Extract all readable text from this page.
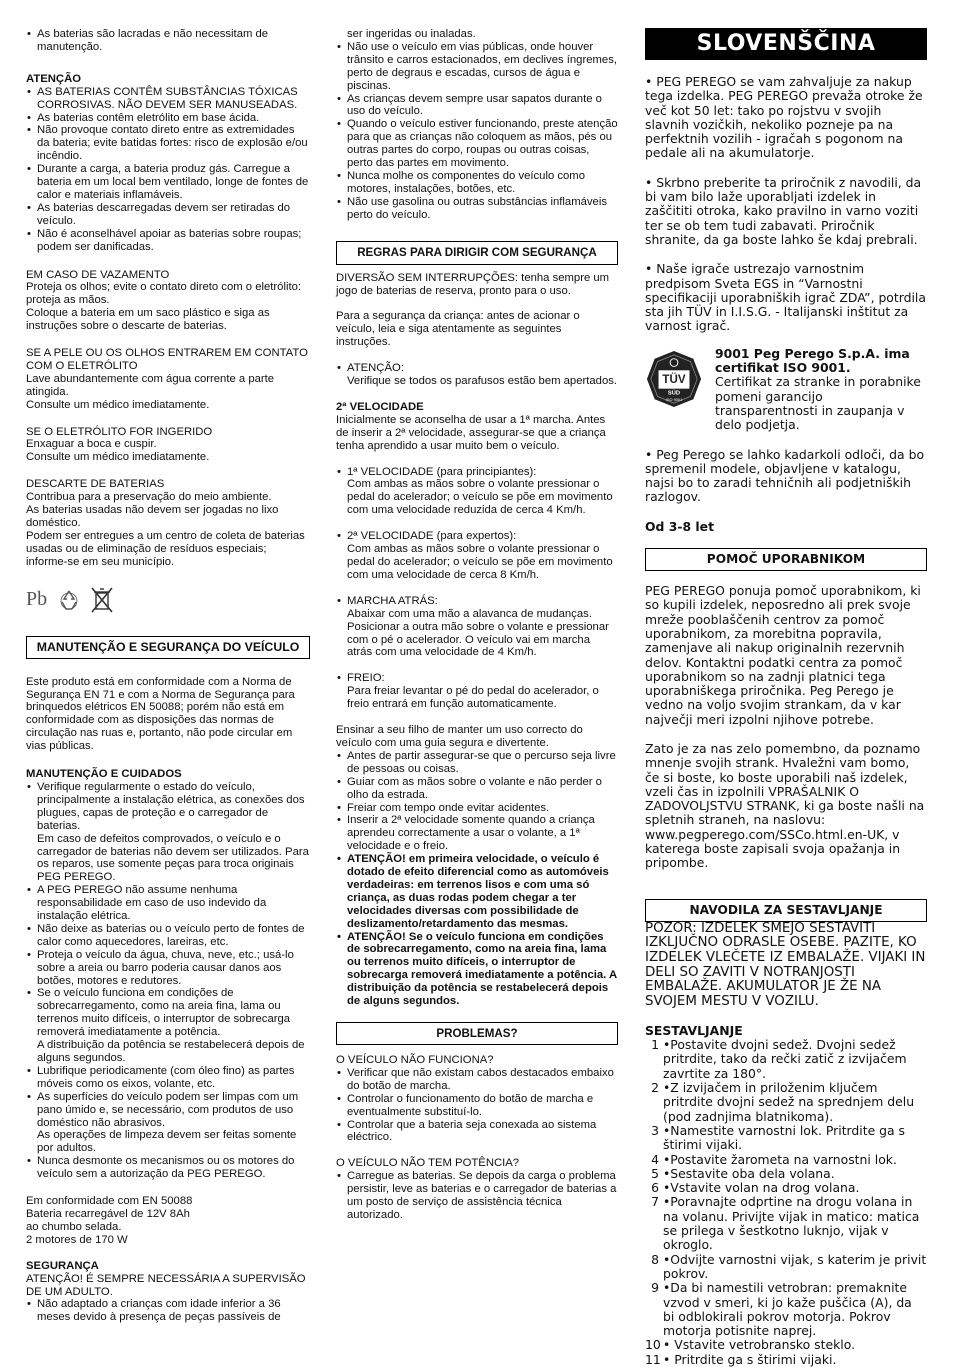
• As baterias são lacradas e não necessitam de manutenção.

ATENÇÃO

• AS BATERIAS CONTÊM SUBSTÂNCIAS TÓXICAS CORROSIVAS. NÃO DEVEM SER MANUSEADAS.
• As baterias contêm eletrólito em base ácida.
• Não provoque contato direto entre as extremidades da bateria; evite batidas fortes: risco de explosão e/ou incêndio.
• Durante a carga, a bateria produz gás. Carregue a bateria em um local bem ventilado, longe de fontes de calor e materiais inflamáveis.
• As baterias descarregadas devem ser retiradas do veículo.
• Não é aconselhável apoiar as baterias sobre roupas; podem ser danificadas.

EM CASO DE VAZAMENTO
Proteja os olhos; evite o contato direto com o eletrólito: proteja as mãos.
Coloque a bateria em um saco plástico e siga as instruções sobre o descarte de baterias.

SE A PELE OU OS OLHOS ENTRAREM EM CONTATO COM O ELETRÓLITO
Lave abundantemente com água corrente a parte atingida.
Consulte um médico imediatamente.

SE O ELETRÓLITO FOR INGERIDO
Enxaguar a boca e cuspir.
Consulte um médico imediatamente.

DESCARTE DE BATERIAS
Contribua para a preservação do meio ambiente.
As baterias usadas não devem ser jogadas no lixo doméstico.
Podem ser entregues a um centro de coleta de baterias usadas ou de eliminação de resíduos especiais; informe-se em seu município.

Pb
MANUTENÇÃO E SEGURANÇA DO VEÍCULO

Este produto está em conformidade com a Norma de Segurança EN 71 e com a Norma de Segurança para brinquedos elétricos EN 50088; porém não está em conformidade com as disposições das normas de circulação nas ruas e, portanto, não pode circular em vias públicas.

MANUTENÇÃO E CUIDADOS

• Verifique regularmente o estado do veículo, principalmente a instalação elétrica, as conexões dos plugues, capas de proteção e o carregador de baterias.
Em caso de defeitos comprovados, o veículo e o carregador de baterias não devem ser utilizados. Para os reparos, use somente peças para troca originais PEG PEREGO.
• A PEG PEREGO não assume nenhuma responsabilidade em caso de uso indevido da instalação elétrica.
• Não deixe as baterias ou o veículo perto de fontes de calor como aquecedores, lareiras, etc.
• Proteja o veículo da água, chuva, neve, etc.; usá-lo sobre a areia ou barro poderia causar danos aos botões, motores e redutores.
• Se o veículo funciona em condições de sobrecarregamento, como na areia fina, lama ou terrenos muito difíceis, o interruptor de sobrecarga removerá imediatamente a potência.
A distribuição da potência se restabelecerá depois de alguns segundos.
• Lubrifique periodicamente (com óleo fino) as partes móveis como os eixos, volante, etc.
• As superfícies do veículo podem ser limpas com um pano úmido e, se necessário, com produtos de uso doméstico não abrasivos.
As operações de limpeza devem ser feitas somente por adultos.
• Nunca desmonte os mecanismos ou os motores do veículo sem a autorização da PEG PEREGO.

Em conformidade com EN 50088
Bateria recarregável de 12V 8Ah
ao chumbo selada.
2 motores de 170 W

SEGURANÇA

ATENÇÃO! É SEMPRE NECESSÁRIA A SUPERVISÃO DE UM ADULTO.

• Não adaptado a crianças com idade inferior a 36 meses devido à presença de peças passíveis de

ser ingeridas ou inaladas.

• Não use o veículo em vias públicas, onde houver trânsito e carros estacionados, em declives íngremes, perto de degraus e escadas, cursos de água e piscinas.
• As crianças devem sempre usar sapatos durante o uso do veículo.
• Quando o veículo estiver funcionando, preste atenção para que as crianças não coloquem as mãos, pés ou outras partes do corpo, roupas ou outras coisas, perto das partes em movimento.
• Nunca molhe os componentes do veículo como motores, instalações, botões, etc.
• Não use gasolina ou outras substâncias inflamáveis perto do veículo.
REGRAS PARA DIRIGIR COM SEGURANÇA

DIVERSÃO SEM INTERRUPÇÕES: tenha sempre um jogo de baterias de reserva, pronto para o uso.

Para a segurança da criança: antes de acionar o veículo, leia e siga atentamente as seguintes instruções.

• ATENÇÃO:
Verifique se todos os parafusos estão bem apertados.

2ª VELOCIDADE

Inicialmente se aconselha de usar a 1ª marcha. Antes de inserir a 2ª velocidade, assegurar-se que a criança tenha aprendido a usar muito bem o veículo.

• 1ª VELOCIDADE (para principiantes):
Com ambas as mãos sobre o volante pressionar o pedal do acelerador; o veículo se põe em movimento com uma velocidade reduzida de cerca 4 Km/h.
• 2ª VELOCIDADE (para expertos):
Com ambas as mãos sobre o volante pressionar o pedal do acelerador; o veículo se põe em movimento com uma velocidade de cerca 8 Km/h.
• MARCHA ATRÁS:
Abaixar com uma mão a alavanca de mudanças. Posicionar a outra mão sobre o volante e pressionar com o pé o acelerador. O veículo vai em marcha atrás com uma velocidade de 4 Km/h.
• FREIO:
Para freiar levantar o pé do pedal do acelerador, o freio entrará em função automaticamente.

Ensinar a seu filho de manter um uso correcto do veículo com uma guia segura e divertente.

• Antes de partir assegurar-se que o percurso seja livre de pessoas ou coisas.
• Guiar com as mãos sobre o volante e não perder o olho da estrada.
• Freiar com tempo onde evitar acidentes.
• Inserir a 2ª velocidade somente quando a criança aprendeu correctamente a usar o volante, a 1ª velocidade e o freio.
• ATENÇÃO! em primeira velocidade, o veículo é dotado de efeito diferencial como as automóveis verdadeiras: em terrenos lisos e com uma só criança, as duas rodas podem chegar a ter velocidades diversas com possibilidade de deslizamento/retardamento das mesmas.
• ATENÇÃO! Se o veículo funciona em condições de sobrecarregamento, como na areia fina, lama ou terrenos muito difíceis, o interruptor de sobrecarga removerá imediatamente a potência. A distribuição da potência se restabelecerá depois de alguns segundos.
PROBLEMAS?

O VEÍCULO NÃO FUNCIONA?

• Verificar que não existam cabos destacados embaixo do botão de marcha.
• Controlar o funcionamento do botão de marcha e eventualmente substituí-lo.
• Controlar que a bateria seja conexada ao sistema eléctrico.

O VEÍCULO NÃO TEM POTÊNCIA?

• Carregue as baterias. Se depois da carga o problema persistir, leve as baterias e o carregador de baterias a um posto de serviço de assistência técnica autorizado.
SLOVENŠČINA

• PEG PEREGO se vam zahvaljuje za nakup tega izdelka. PEG PEREGO prevaža otroke že več kot 50 let: tako po rojstvu v svojih slavnih vozičkih, nekoliko pozneje pa na perfektnih vozilih - igračah s pogonom na pedale ali na akumulatorje.

• Skrbno preberite ta priročnik z navodili, da bi vam bilo laže uporabljati izdelek in zaščititi otroka, kako pravilno in varno voziti ter se ob tem tudi zabavati. Priročnik shranite, da ga boste lahko še kdaj prebrali.

• Naše igrače ustrezajo varnostnim predpisom Sveta EGS in “Varnostni specifikaciji uporabniških igrač ZDA”, potrdila sta jih TÜV in I.I.S.G. - Italijanski inštitut za varnost igrač.

TÜV
SÜD
ISO 9001

9001 Peg Perego S.p.A. ima certifikat ISO 9001.

Certifikat za stranke in porabnike pomeni garancijo transparentnosti in zaupanja v delo podjetja.

• Peg Perego se lahko kadarkoli odloči, da bo spremenil modele, objavljene v katalogu, najsi bo to zaradi tehničnih ali podjetniških razlogov.

Od 3-8 let

POMOČ UPORABNIKOM

PEG PEREGO ponuja pomoč uporabnikom, ki so kupili izdelek, neposredno ali prek svoje mreže pooblaščenih centrov za pomoč uporabnikom, za morebitna popravila, zamenjave ali nakup originalnih rezervnih delov. Kontaktni podatki centra za pomoč uporabnikom so na zadnji platnici tega uporabniškega priročnika. Peg Perego je vedno na voljo svojim strankam, da v kar največji meri izpolni njihove potrebe.

Zato je za nas zelo pomembno, da poznamo mnenje svojih strank. Hvaležni vam bomo, če si boste, ko boste uporabili naš izdelek, vzeli čas in izpolnili VPRAŠALNIK O ZADOVOLJSTVU STRANK, ki ga boste našli na spletnih straneh, na naslovu:
www.pegperego.com/SSCo.html.en-UK, v katerega boste zapisali svoja opažanja in pripombe.

NAVODILA ZA SESTAVLJANJE

POZOR: IZDELEK SMEJO SESTAVITI IZKLJUČNO ODRASLE OSEBE. PAZITE, KO IZDELEK VLEČETE IZ EMBALAŽE. VIJAKI IN DELI SO ZAVITI V NOTRANJOSTI EMBALAŽE. AKUMULATOR JE ŽE NA SVOJEM MESTU V VOZILU.

SESTAVLJANJE

1 •Postavite dvojni sedež. Dvojni sedež pritrdite, tako da rečki zatič z izvijačem zavrtite za 180°.
2 •Z izvijačem in priloženim ključem pritrdite dvojni sedež na sprednjem delu (pod zadnjima blatnikoma).
3 •Namestite varnostni lok. Pritrdite ga s štirimi vijaki.
4 •Postavite žarometa na varnostni lok.
5 •Sestavite oba dela volana.
6 •Vstavite volan na drog volana.
7 •Poravnajte odprtine na drogu volana in na volanu. Privijte vijak in matico: matica se prilega v šestkotno luknjo, vijak v okroglo.
8 •Odvijte varnostni vijak, s katerim je privit pokrov.
9 •Da bi namestili vetrobran: premaknite vzvod v smeri, ki jo kaže puščica (A), da bi odblokirali pokrov motorja. Pokrov motorja potisnite naprej.
10 • Vstavite vetrobransko steklo.
11 • Pritrdite ga s štirimi vijaki.
